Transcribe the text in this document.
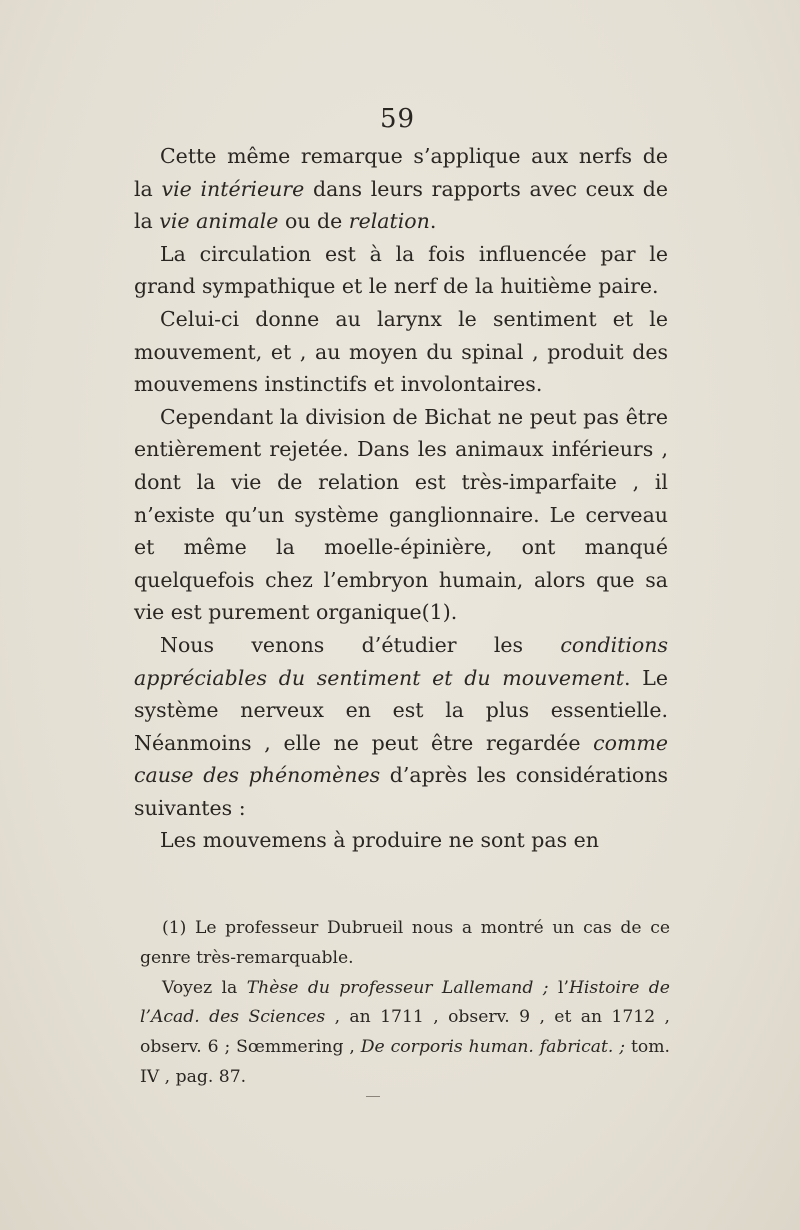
59

Cette même remarque s’applique aux nerfs de la vie intérieure dans leurs rapports avec ceux de la vie animale ou de relation.

La circulation est à la fois influencée par le grand sympathique et le nerf de la huitième paire.

Celui-ci donne au larynx le sentiment et le mouvement, et , au moyen du spinal , produit des mouvemens instinctifs et involontaires.

Cependant la division de Bichat ne peut pas être entièrement rejetée. Dans les animaux inférieurs , dont la vie de relation est très-imparfaite , il n’existe qu’un système ganglionnaire. Le cerveau et même la moelle-épinière, ont manqué quelquefois chez l’embryon humain, alors que sa vie est purement organique(1).

Nous venons d’étudier les conditions appréciables du sentiment et du mouvement. Le système nerveux en est la plus essentielle. Néanmoins , elle ne peut être regardée comme cause des phénomènes d’après les considérations suivantes :

Les mouvemens à produire ne sont pas en

(1) Le professeur Dubrueil nous a montré un cas de ce genre très-remarquable.

Voyez la Thèse du professeur Lallemand ; l’Histoire de l’Acad. des Sciences , an 1711 , observ. 9 , et an 1712 , observ. 6 ; Sœmmering , De corporis human. fabricat. ; tom. IV , pag. 87.
